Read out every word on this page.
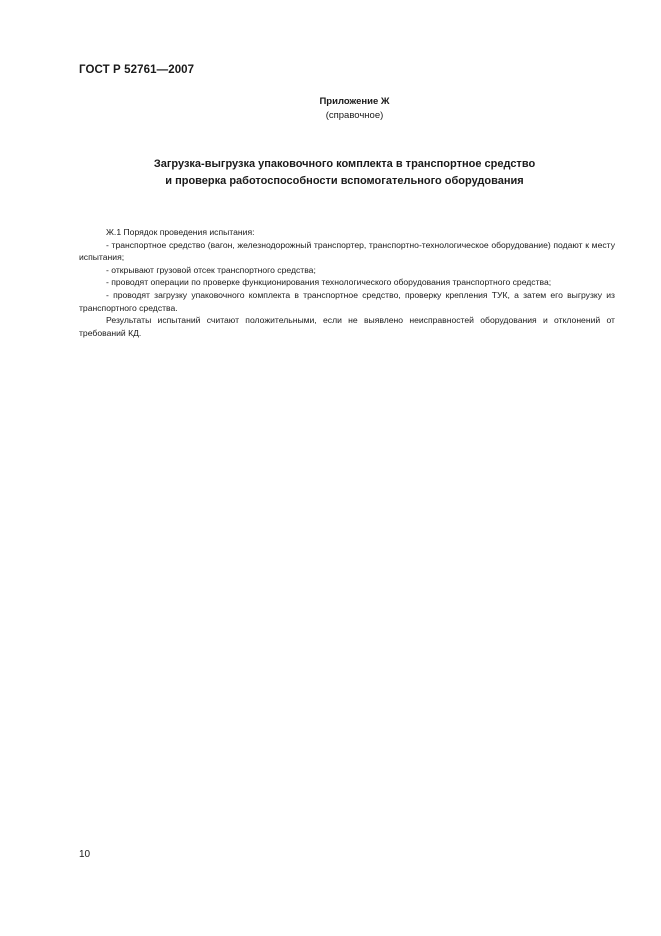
ГОСТ Р 52761—2007
Приложение Ж
(справочное)
Загрузка-выгрузка упаковочного комплекта в транспортное средство
и проверка работоспособности вспомогательного оборудования

Ж.1 Порядок проведения испытания:

- транспортное средство (вагон, железнодорожный транспортер, транспортно-технологическое оборудование) подают к месту испытания;

- открывают грузовой отсек транспортного средства;

- проводят операции по проверке функционирования технологического оборудования транспортного средства;

- проводят загрузку упаковочного комплекта в транспортное средство, проверку крепления ТУК, а затем его выгрузку из транспортного средства.

Результаты испытаний считают положительными, если не выявлено неисправностей оборудования и отклонений от требований КД.

10
